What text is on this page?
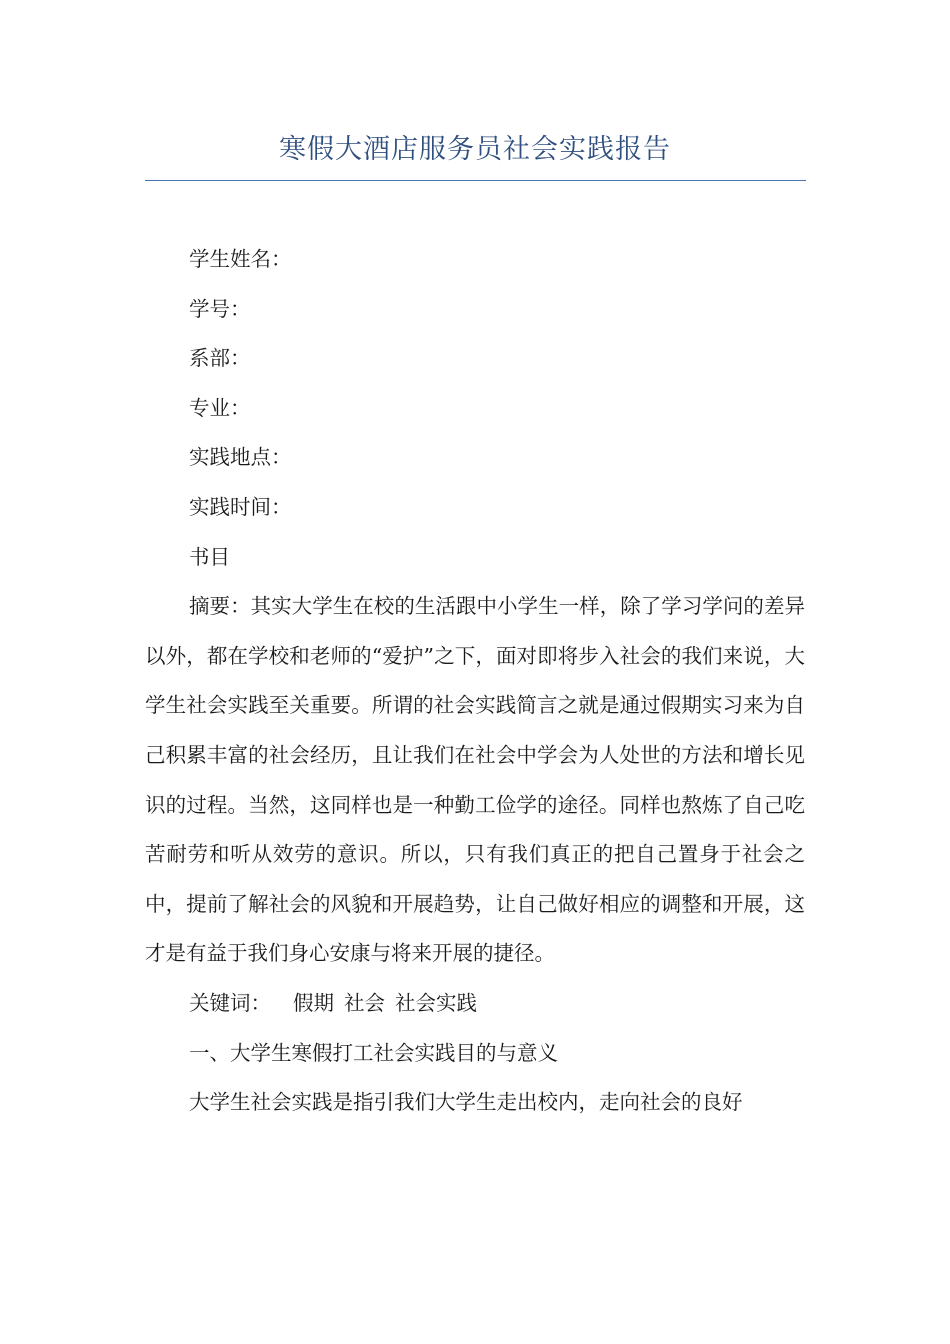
寒假大酒店服务员社会实践报告

学生姓名：

学号：

系部：

专业：

实践地点：

实践时间：

书目

摘要：其实大学生在校的生活跟中小学生一样，除了学习学问的差异以外，都在学校和老师的“爱护”之下，面对即将步入社会的我们来说，大学生社会实践至关重要。所谓的社会实践简言之就是通过假期实习来为自己积累丰富的社会经历，且让我们在社会中学会为人处世的方法和增长见识的过程。当然，这同样也是一种勤工俭学的途径。同样也熬炼了自己吃苦耐劳和听从效劳的意识。所以，只有我们真正的把自己置身于社会之中，提前了解社会的风貌和开展趋势，让自己做好相应的调整和开展，这才是有益于我们身心安康与将来开展的捷径。

关键词： 假期 社会 社会实践

一、大学生寒假打工社会实践目的与意义

大学生社会实践是指引我们大学生走出校内，走向社会的良好
